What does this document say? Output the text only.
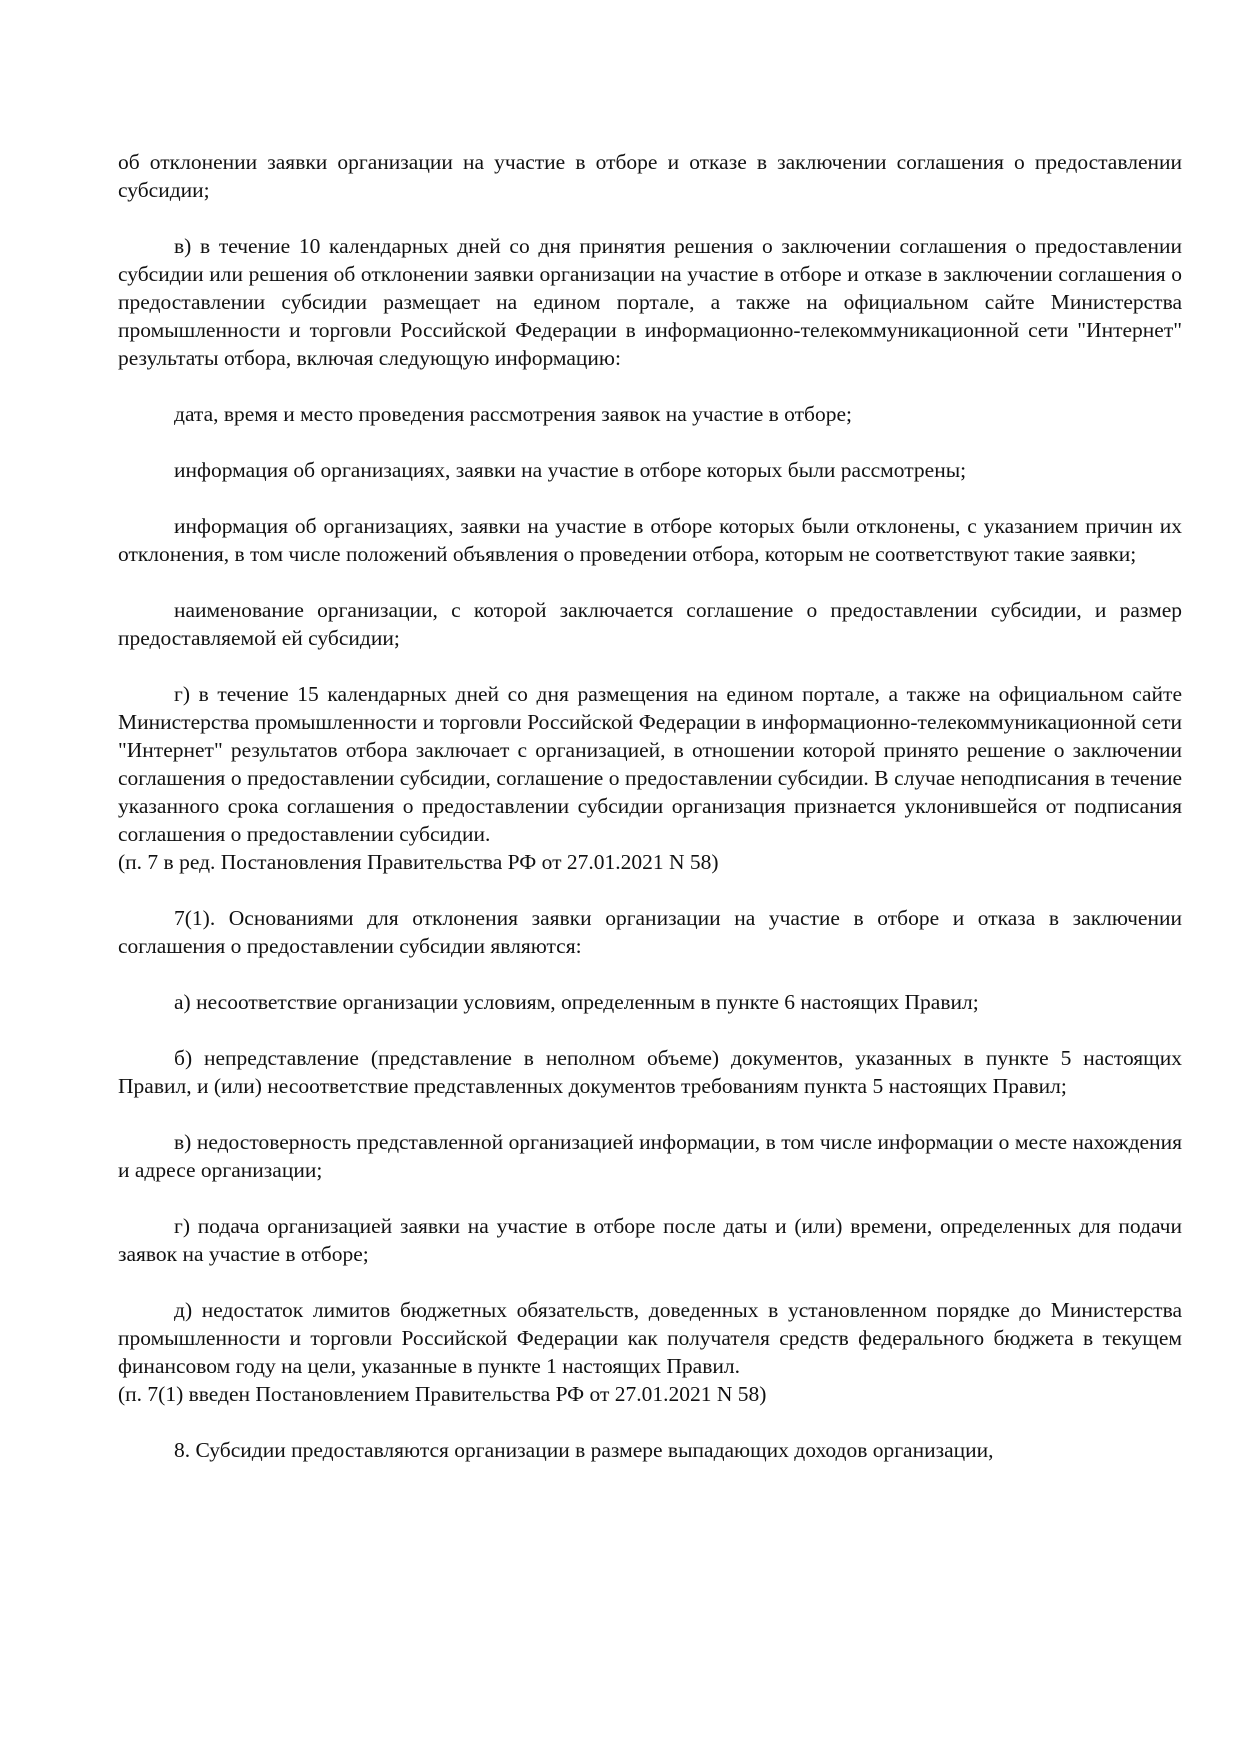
об отклонении заявки организации на участие в отборе и отказе в заключении соглашения о предоставлении субсидии;

в) в течение 10 календарных дней со дня принятия решения о заключении соглашения о предоставлении субсидии или решения об отклонении заявки организации на участие в отборе и отказе в заключении соглашения о предоставлении субсидии размещает на едином портале, а также на официальном сайте Министерства промышленности и торговли Российской Федерации в информационно-телекоммуникационной сети "Интернет" результаты отбора, включая следующую информацию:

дата, время и место проведения рассмотрения заявок на участие в отборе;

информация об организациях, заявки на участие в отборе которых были рассмотрены;

информация об организациях, заявки на участие в отборе которых были отклонены, с указанием причин их отклонения, в том числе положений объявления о проведении отбора, которым не соответствуют такие заявки;

наименование организации, с которой заключается соглашение о предоставлении субсидии, и размер предоставляемой ей субсидии;

г) в течение 15 календарных дней со дня размещения на едином портале, а также на официальном сайте Министерства промышленности и торговли Российской Федерации в информационно-телекоммуникационной сети "Интернет" результатов отбора заключает с организацией, в отношении которой принято решение о заключении соглашения о предоставлении субсидии, соглашение о предоставлении субсидии. В случае неподписания в течение указанного срока соглашения о предоставлении субсидии организация признается уклонившейся от подписания соглашения о предоставлении субсидии.

(п. 7 в ред. Постановления Правительства РФ от 27.01.2021 N 58)

7(1). Основаниями для отклонения заявки организации на участие в отборе и отказа в заключении соглашения о предоставлении субсидии являются:

а) несоответствие организации условиям, определенным в пункте 6 настоящих Правил;

б) непредставление (представление в неполном объеме) документов, указанных в пункте 5 настоящих Правил, и (или) несоответствие представленных документов требованиям пункта 5 настоящих Правил;

в) недостоверность представленной организацией информации, в том числе информации о месте нахождения и адресе организации;

г) подача организацией заявки на участие в отборе после даты и (или) времени, определенных для подачи заявок на участие в отборе;

д) недостаток лимитов бюджетных обязательств, доведенных в установленном порядке до Министерства промышленности и торговли Российской Федерации как получателя средств федерального бюджета в текущем финансовом году на цели, указанные в пункте 1 настоящих Правил.

(п. 7(1) введен Постановлением Правительства РФ от 27.01.2021 N 58)

8. Субсидии предоставляются организации в размере выпадающих доходов организации,
